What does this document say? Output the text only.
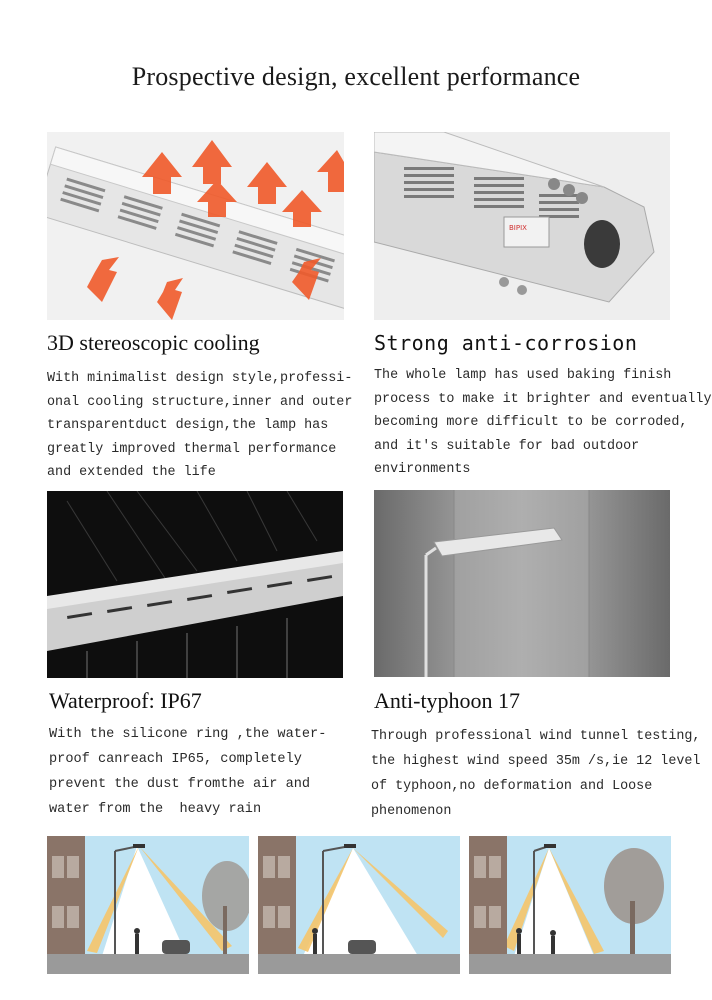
Prospective design, excellent performance
BIPIX
3D stereoscopic cooling	Strong anti-corrosion
With minimalist design style,professi-
onal cooling structure,inner and outer
transparentduct design,the lamp has
greatly improved thermal performance
and extended the life
The whole lamp has used baking finish
process to make it brighter and eventually
becoming more difficult to be corroded,
and it's suitable for bad outdoor
environments
Waterproof: IP67	Anti-typhoon 17
With the silicone ring ,the water-
proof canreach IP65, completely
prevent the dust fromthe air and
water from the  heavy rain
Through professional wind tunnel testing,
the highest wind speed 35m /s,ie 12 level
of typhoon,no deformation and Loose
phenomenon
